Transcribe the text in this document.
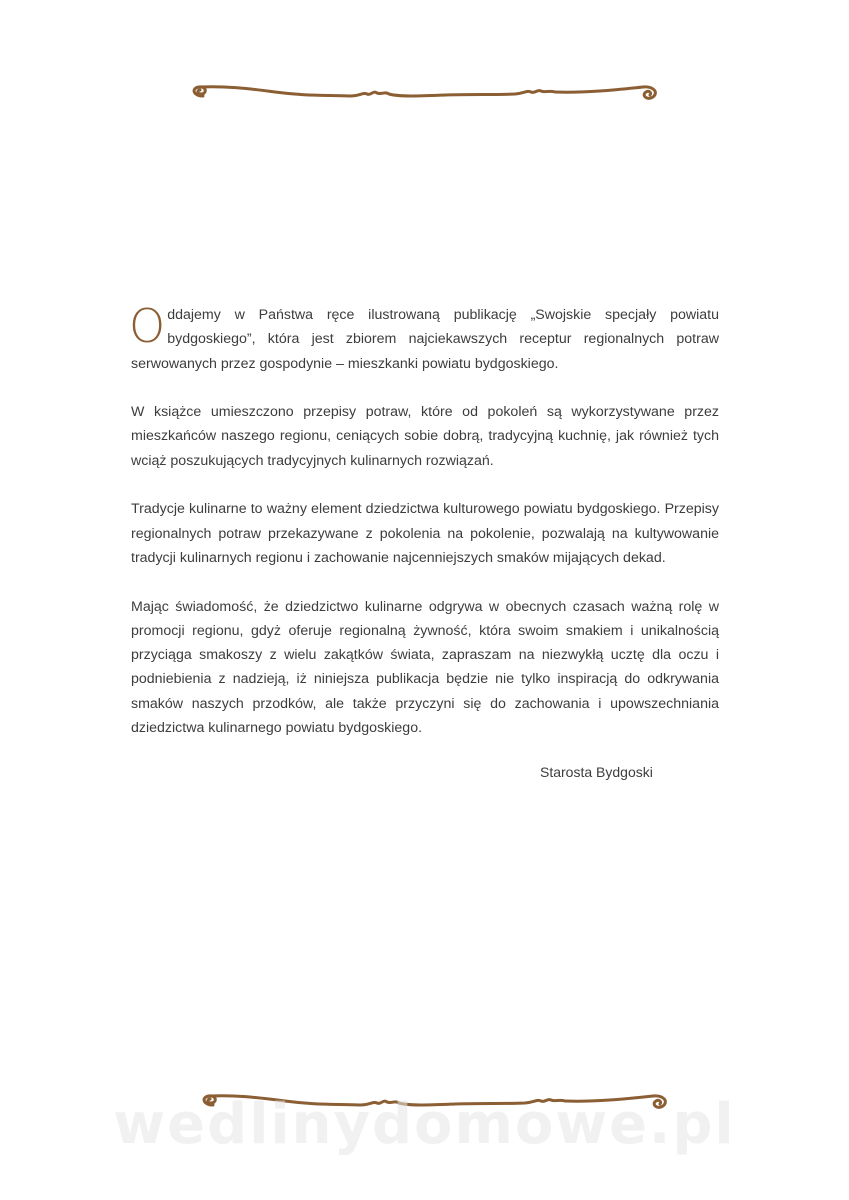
Oddajemy w Państwa ręce ilustrowaną publikację „Swojskie specjały powiatu bydgoskiego”, która jest zbiorem najciekawszych receptur regionalnych potraw serwowanych przez gospodynie – mieszkanki powiatu bydgoskiego.

W książce umieszczono przepisy potraw, które od pokoleń są wykorzystywane przez mieszkańców naszego regionu, ceniących sobie dobrą, tradycyjną kuchnię, jak również tych wciąż poszukujących tradycyjnych kulinarnych rozwiązań.

Tradycje kulinarne to ważny element dziedzictwa kulturowego powiatu bydgoskiego. Przepisy regionalnych potraw przekazywane z pokolenia na pokolenie, pozwalają na kultywowanie tradycji kulinarnych regionu i zachowanie najcenniejszych smaków mijających dekad.

Mając świadomość, że dziedzictwo kulinarne odgrywa w obecnych czasach ważną rolę w promocji regionu, gdyż oferuje regionalną żywność, która swoim smakiem i unikalnością przyciąga smakoszy z wielu zakątków świata, zapraszam na niezwykłą ucztę dla oczu i podniebienia z nadzieją, iż niniejsza publikacja będzie nie tylko inspiracją do odkrywania smaków naszych przodków, ale także przyczyni się do zachowania i upowszechniania dziedzictwa kulinarnego powiatu bydgoskiego.

Starosta Bydgoski
wedlinydomowe.pl
